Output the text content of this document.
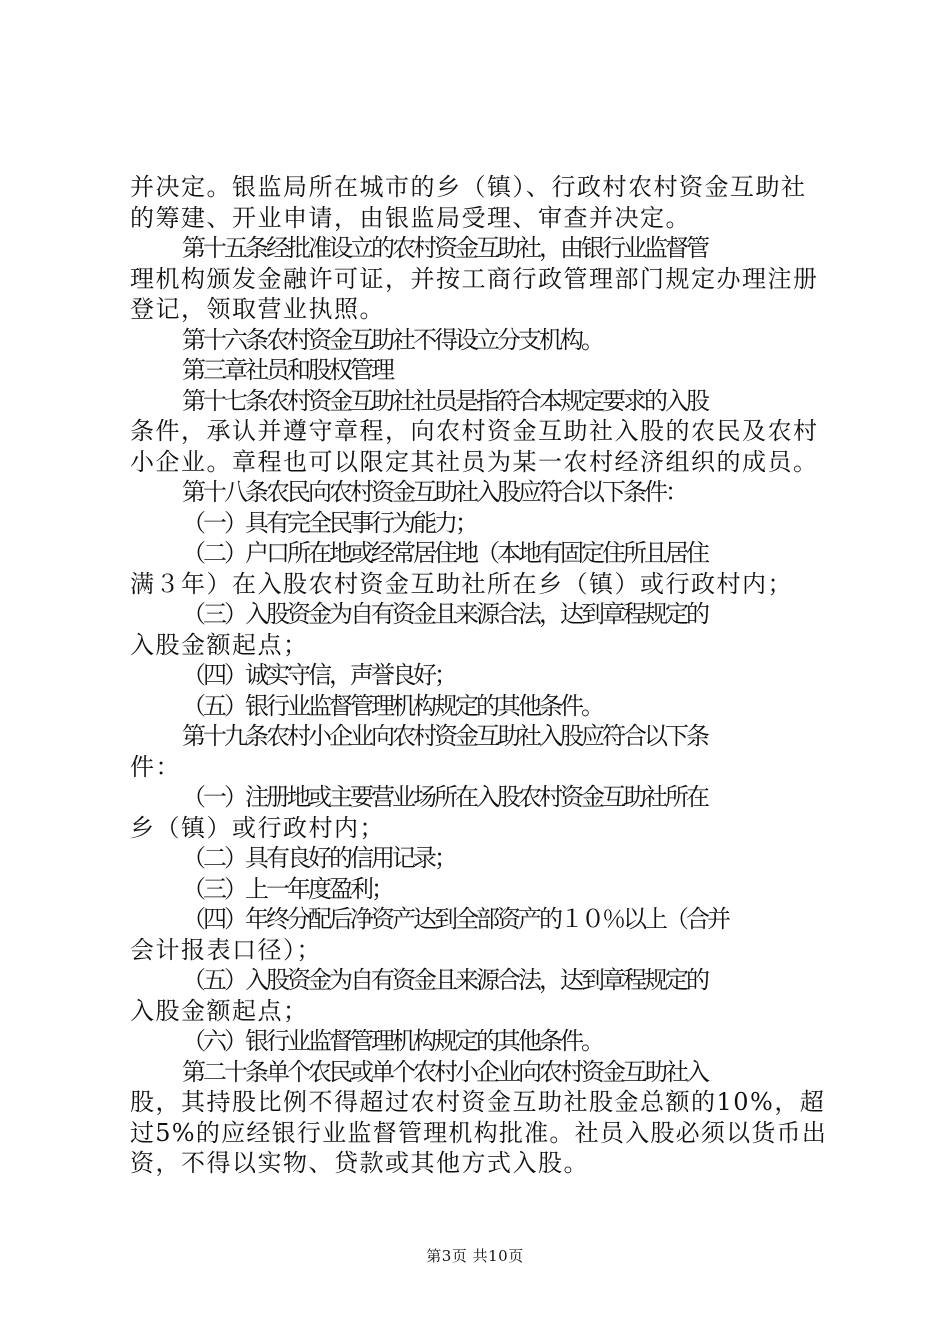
并决定。银监局所在城市的乡（镇）、行政村农村资金互助社

的筹建、开业申请，由银监局受理、审查并决定。

第十五条经批准设立的农村资金互助社，由银行业监督管

理机构颁发金融许可证，并按工商行政管理部门规定办理注册

登记，领取营业执照。

第十六条农村资金互助社不得设立分支机构。

第三章社员和股权管理

第十七条农村资金互助社社员是指符合本规定要求的入股

条件，承认并遵守章程，向农村资金互助社入股的农民及农村

小企业。章程也可以限定其社员为某一农村经济组织的成员。

第十八条农民向农村资金互助社入股应符合以下条件：

（一）具有完全民事行为能力；

（二）户口所在地或经常居住地（本地有固定住所且居住

满３年）在入股农村资金互助社所在乡（镇）或行政村内；

（三）入股资金为自有资金且来源合法，达到章程规定的

入股金额起点；

（四）诚实守信，声誉良好；

（五）银行业监督管理机构规定的其他条件。

第十九条农村小企业向农村资金互助社入股应符合以下条

件：

（一）注册地或主要营业场所在入股农村资金互助社所在

乡（镇）或行政村内；

（二）具有良好的信用记录；

（三）上一年度盈利；

（四）年终分配后净资产达到全部资产的１０％以上（合并

会计报表口径）；

（五）入股资金为自有资金且来源合法，达到章程规定的

入股金额起点；

（六）银行业监督管理机构规定的其他条件。

第二十条单个农民或单个农村小企业向农村资金互助社入

股，其持股比例不得超过农村资金互助社股金总额的10%，超

过5%的应经银行业监督管理机构批准。社员入股必须以货币出

资，不得以实物、贷款或其他方式入股。

第3页 共10页
